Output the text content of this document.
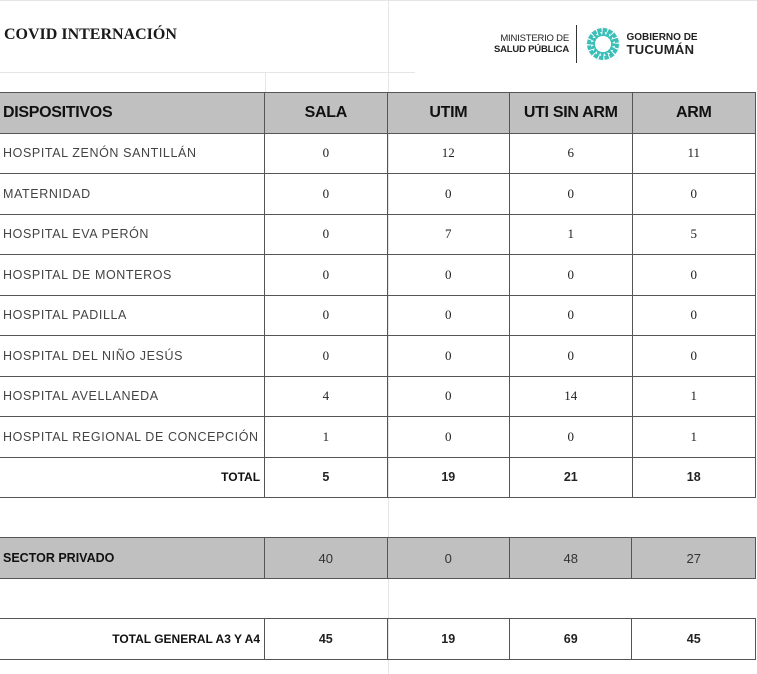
COVID INTERNACIÓN	MINISTERIO DE
SALUD PÚBLICA
GOBIERNO DE
TUCUMÁN
DISPOSITIVOS	SALA	UTIM	UTI SIN ARM	ARM
HOSPITAL ZENÓN SANTILLÁN	0	12	6	11
MATERNIDAD	0	0	0	0
HOSPITAL EVA PERÓN	0	7	1	5
HOSPITAL DE MONTEROS	0	0	0	0
HOSPITAL PADILLA	0	0	0	0
HOSPITAL DEL NIÑO JESÚS	0	0	0	0
HOSPITAL AVELLANEDA	4	0	14	1
HOSPITAL REGIONAL DE CONCEPCIÓN	1	0	0	1
TOTAL	5	19	21	18
SECTOR PRIVADO	40	0	48	27
TOTAL GENERAL A3 Y A4	45	19	69	45
